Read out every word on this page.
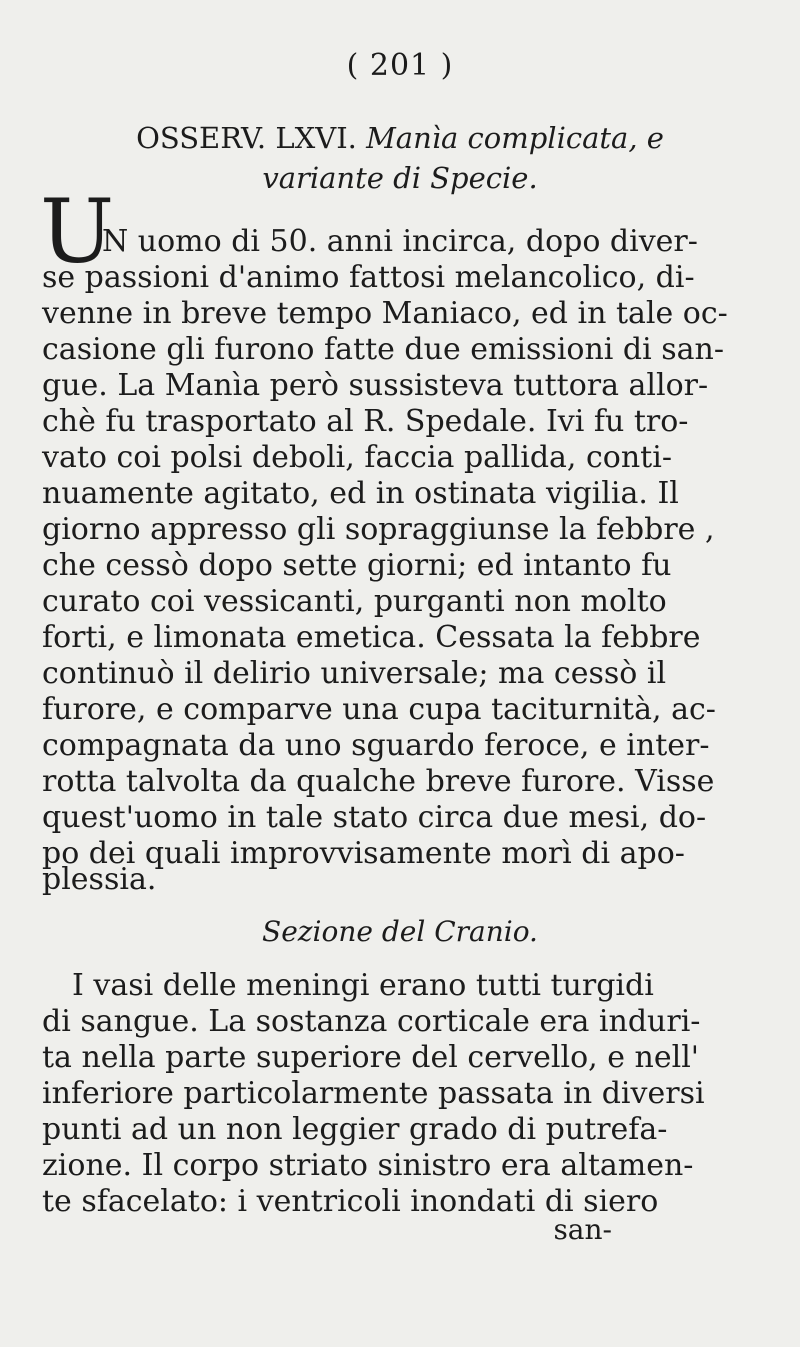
( 201 )
OSSERV. LXVI. Manìa complicata, e
variante di Specie.
U
N uomo di 50. anni incirca, dopo diver-
se passioni d'animo fattosi melancolico, di-
venne in breve tempo Maniaco, ed in tale oc-
casione gli furono fatte due emissioni di san-
gue. La Manìa però sussisteva tuttora allor-
chè fu trasportato al R. Spedale. Ivi fu tro-
vato coi polsi deboli, faccia pallida, conti-
nuamente agitato, ed in ostinata vigilia. Il
giorno appresso gli sopraggiunse la febbre ,
che cessò dopo sette giorni; ed intanto fu
curato coi vessicanti, purganti non molto
forti, e limonata emetica. Cessata la febbre
continuò il delirio universale; ma cessò il
furore, e comparve una cupa taciturnità, ac-
compagnata da uno sguardo feroce, e inter-
rotta talvolta da qualche breve furore. Visse
quest'uomo in tale stato circa due mesi, do-
po dei quali improvvisamente morì di apo-
plessia.
Sezione del Cranio.
I vasi delle meningi erano tutti turgidi
di sangue. La sostanza corticale era induri-
ta nella parte superiore del cervello, e nell'
inferiore particolarmente passata in diversi
punti ad un non leggier grado di putrefa-
zione. Il corpo striato sinistro era altamen-
te sfacelato: i ventricoli inondati di siero
san-
